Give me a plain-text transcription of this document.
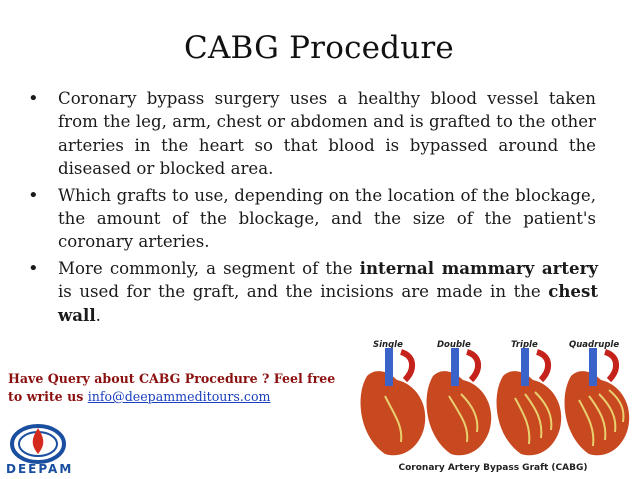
CABG Procedure
• Coronary bypass surgery uses a healthy blood vessel taken from the leg, arm, chest or abdomen and is grafted to the other arteries in the heart so that blood is bypassed around the diseased or blocked area.
• Which grafts to use, depending on the location of the blockage, the amount of the blockage, and the size of the patient's coronary arteries.
• More commonly, a segment of the internal mammary artery is used for the graft, and the incisions are made in the chest wall.
Have Query about CABG Procedure ? Feel free to write us info@deepammeditours.com
DEEPAM
Single	Double	Triple	Quadruple
Coronary Artery Bypass Graft (CABG)
